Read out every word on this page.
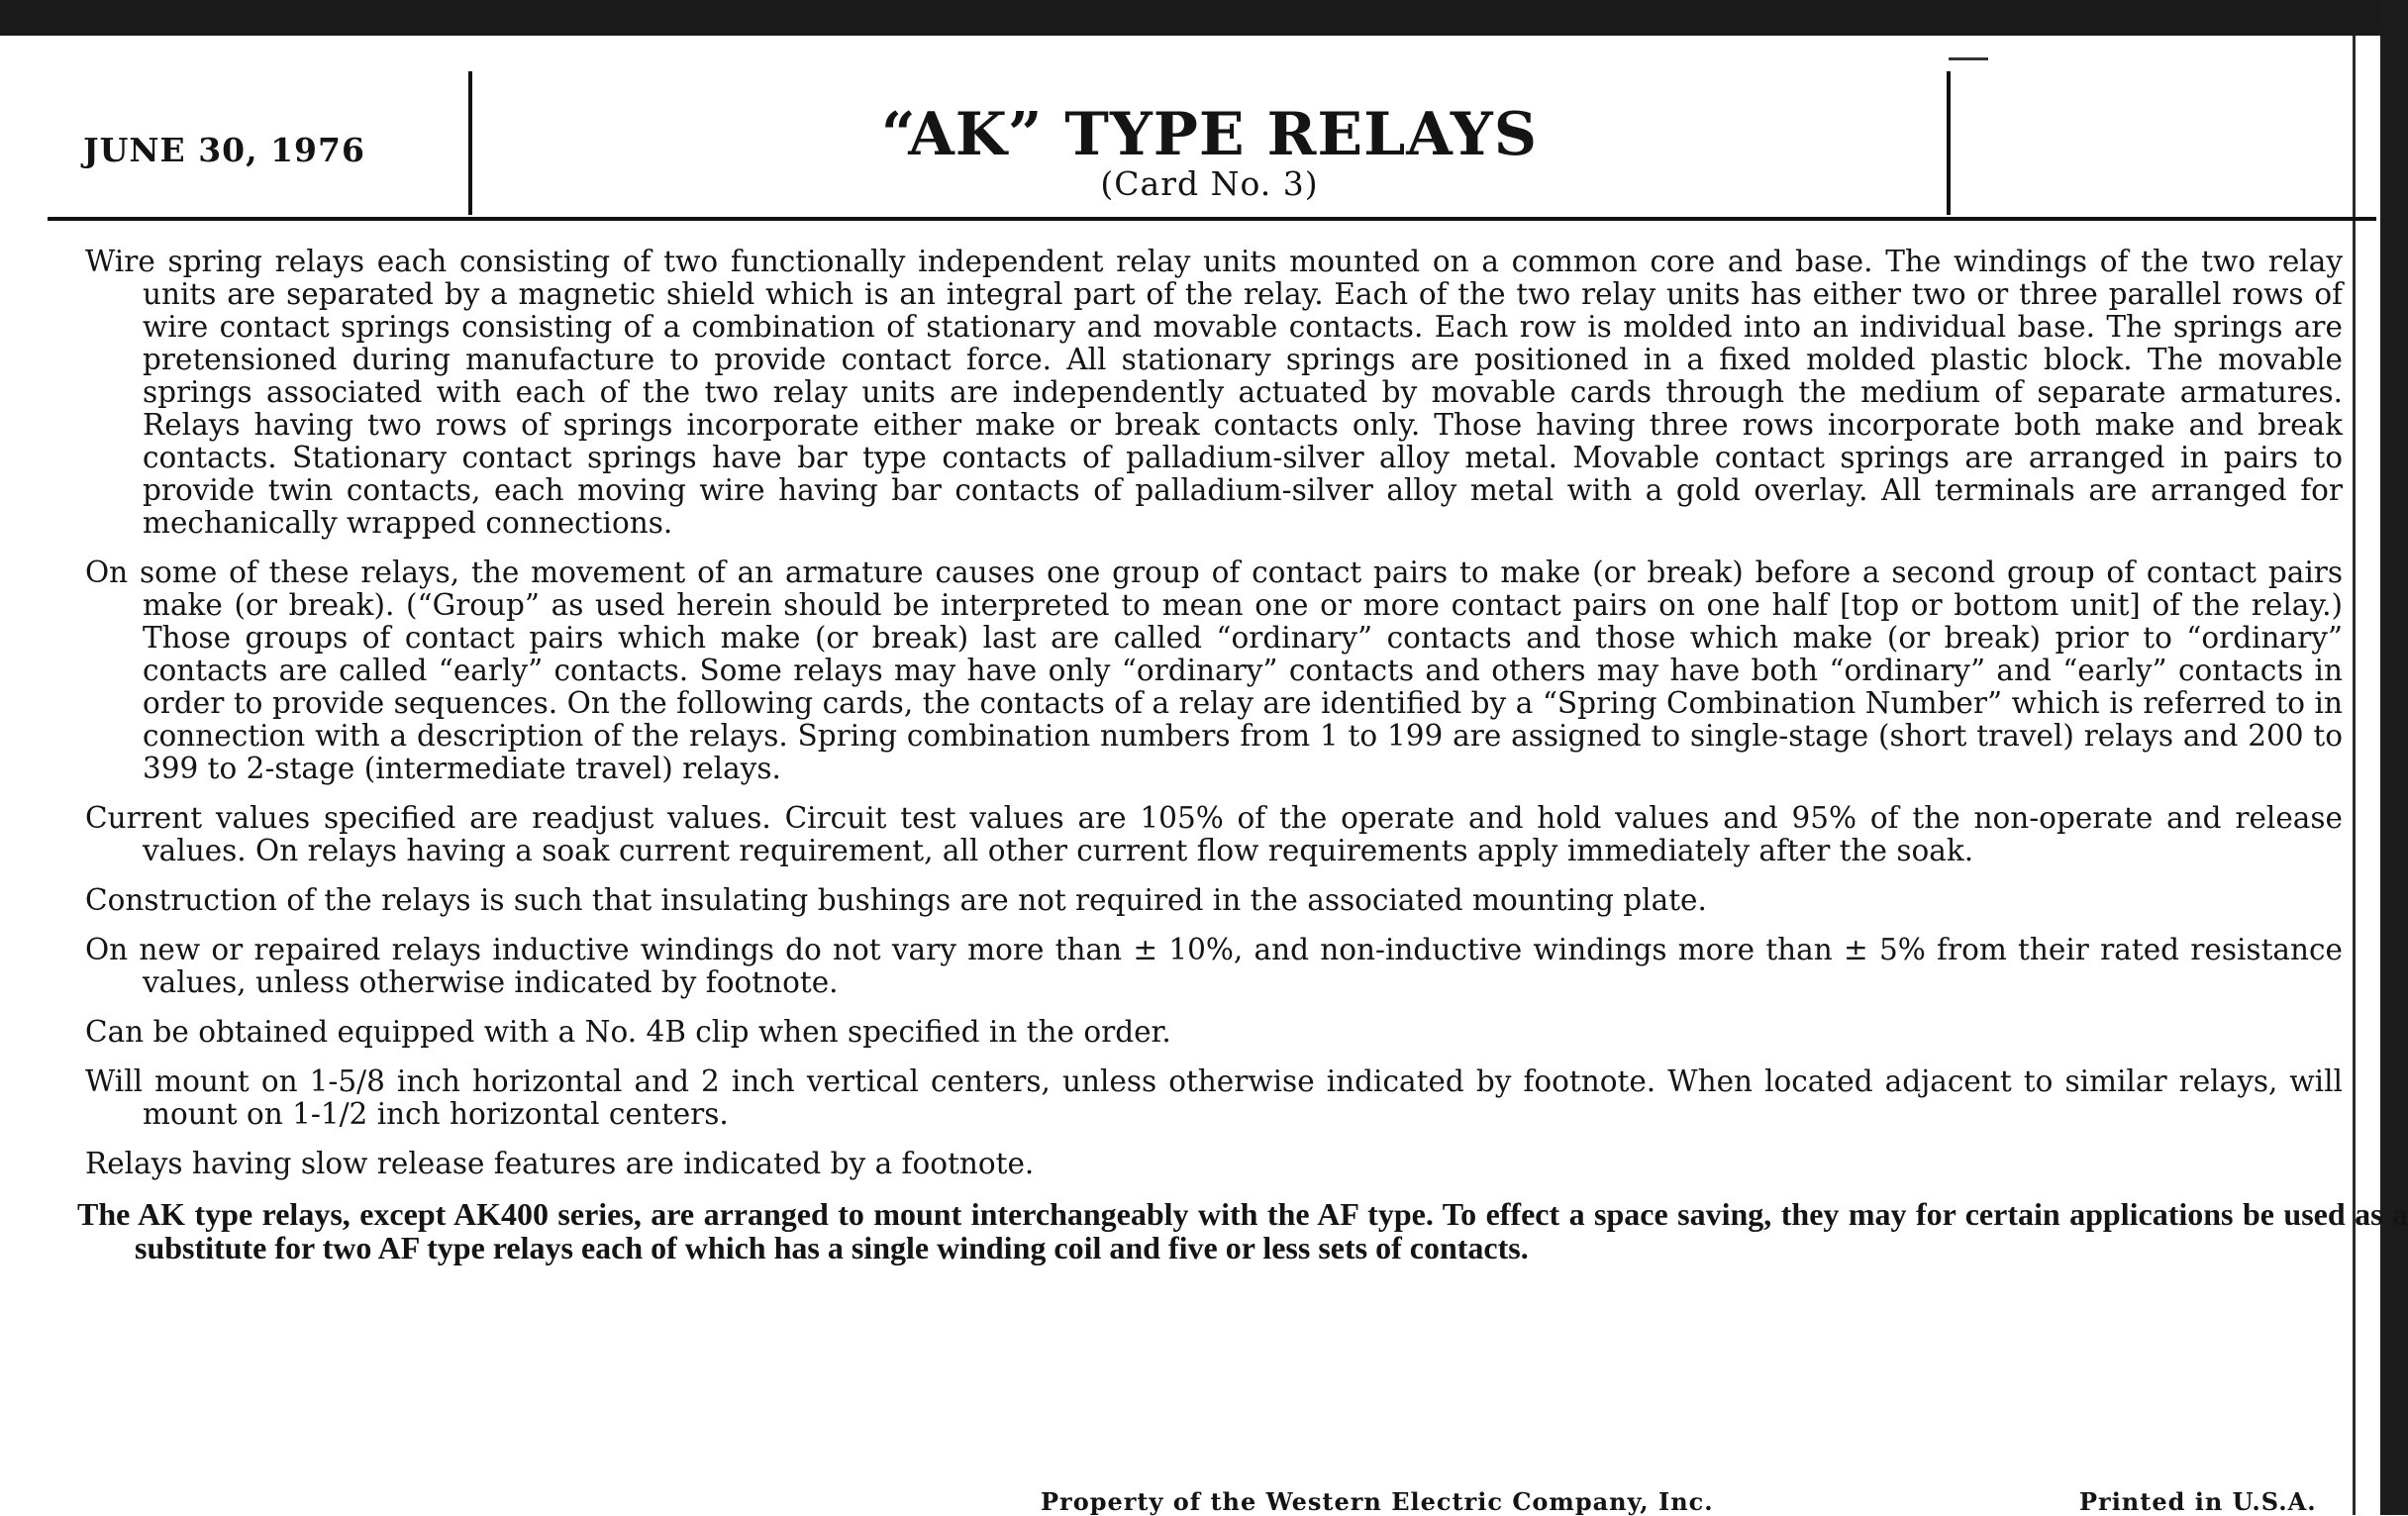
JUNE 30, 1976	“AK” TYPE RELAYS
(Card No. 3)

Wire spring relays each consisting of two functionally independent relay units mounted on a common core and base. The windings of the two relay units are separated by a magnetic shield which is an integral part of the relay. Each of the two relay units has either two or three parallel rows of wire contact springs consisting of a combination of stationary and movable contacts. Each row is molded into an individual base. The springs are pretensioned during manufacture to provide contact force. All stationary springs are positioned in a fixed molded plastic block. The movable springs associated with each of the two relay units are independently actuated by movable cards through the medium of separate armatures. Relays having two rows of springs incorporate either make or break contacts only. Those having three rows incorporate both make and break contacts. Stationary contact springs have bar type contacts of palladium-silver alloy metal. Movable contact springs are arranged in pairs to provide twin contacts, each moving wire having bar contacts of palladium-silver alloy metal with a gold overlay. All terminals are arranged for mechanically wrapped connections.

On some of these relays, the movement of an armature causes one group of contact pairs to make (or break) before a second group of contact pairs make (or break). (“Group” as used herein should be interpreted to mean one or more contact pairs on one half [top or bottom unit] of the relay.) Those groups of contact pairs which make (or break) last are called “ordinary” contacts and those which make (or break) prior to “ordinary” contacts are called “early” contacts. Some relays may have only “ordinary” contacts and others may have both “ordinary” and “early” contacts in order to provide sequences. On the following cards, the contacts of a relay are identified by a “Spring Combination Number” which is referred to in connection with a description of the relays. Spring combination numbers from 1 to 199 are assigned to single-stage (short travel) relays and 200 to 399 to 2-stage (intermediate travel) relays.

Current values specified are readjust values. Circuit test values are 105% of the operate and hold values and 95% of the non-operate and release values. On relays having a soak current requirement, all other current flow requirements apply immediately after the soak.

Construction of the relays is such that insulating bushings are not required in the associated mounting plate.

On new or repaired relays inductive windings do not vary more than ± 10%, and non-inductive windings more than ± 5% from their rated resistance values, unless otherwise indicated by footnote.

Can be obtained equipped with a No. 4B clip when specified in the order.

Will mount on 1-5/8 inch horizontal and 2 inch vertical centers, unless otherwise indicated by footnote. When located adjacent to similar relays, will mount on 1-1/2 inch horizontal centers.

Relays having slow release features are indicated by a footnote.

The AK type relays, except AK400 series, are arranged to mount interchangeably with the AF type. To effect a space saving, they may for certain applications be used as a substitute for two AF type relays each of which has a single winding coil and five or less sets of contacts.

Property of the Western Electric Company, Inc.	Printed in U.S.A.
